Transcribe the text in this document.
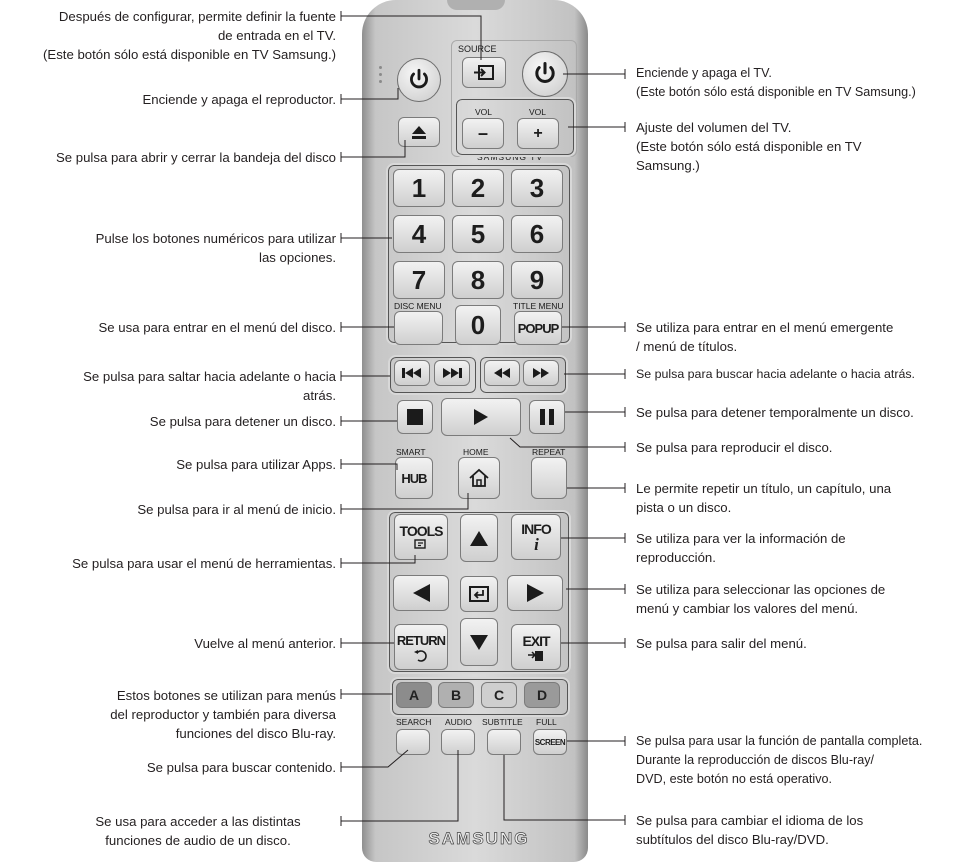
SOURCE
VOL	VOL
SAMSUNG TV
DISC MENU	TITLE MENU
SMART	HOME	REPEAT
SEARCH AUDIO SUBTITLE FULL
–	+
1	2	3
4	5	6
7	8	9
0	POPUP
HUB
TOOLS	INFO
i
RETURN	EXIT
A	B	C	D
SCREEN
SAMSUNG
Después de configurar, permite definir la fuente
de entrada en el TV.
(Este botón sólo está disponible en TV Samsung.)
Enciende y apaga el reproductor.
Se pulsa para abrir y cerrar la bandeja del disco
Pulse los botones numéricos para utilizar
las opciones.
Se usa para entrar en el menú del disco.
Se pulsa para saltar hacia adelante o hacia
atrás.
Se pulsa para detener un disco.
Se pulsa para utilizar Apps.
Se pulsa para ir al menú de inicio.
Se pulsa para usar el menú de herramientas.
Vuelve al menú anterior.
Estos botones se utilizan para menús
del reproductor y también para diversa
funciones del disco Blu-ray.
Se pulsa para buscar contenido.
Se usa para acceder a las distintas
funciones de audio de un disco.
Enciende y apaga el TV.
(Este botón sólo está disponible en TV Samsung.)
Ajuste del volumen del TV.
(Este botón sólo está disponible en TV
Samsung.)
Se utiliza para entrar en el menú emergente
/ menú de títulos.
Se pulsa para buscar hacia adelante o hacia atrás.
Se pulsa para detener temporalmente un disco.
Se pulsa para reproducir el disco.
Le permite repetir un título, un capítulo, una
pista o un disco.
Se utiliza para ver la información de
reproducción.
Se utiliza para seleccionar las opciones de
menú y cambiar los valores del menú.
Se pulsa para salir del menú.
Se pulsa para usar la función de pantalla completa.
Durante la reproducción de discos Blu-ray/
DVD, este botón no está operativo.
Se pulsa para cambiar el idioma de los
subtítulos del disco Blu-ray/DVD.
